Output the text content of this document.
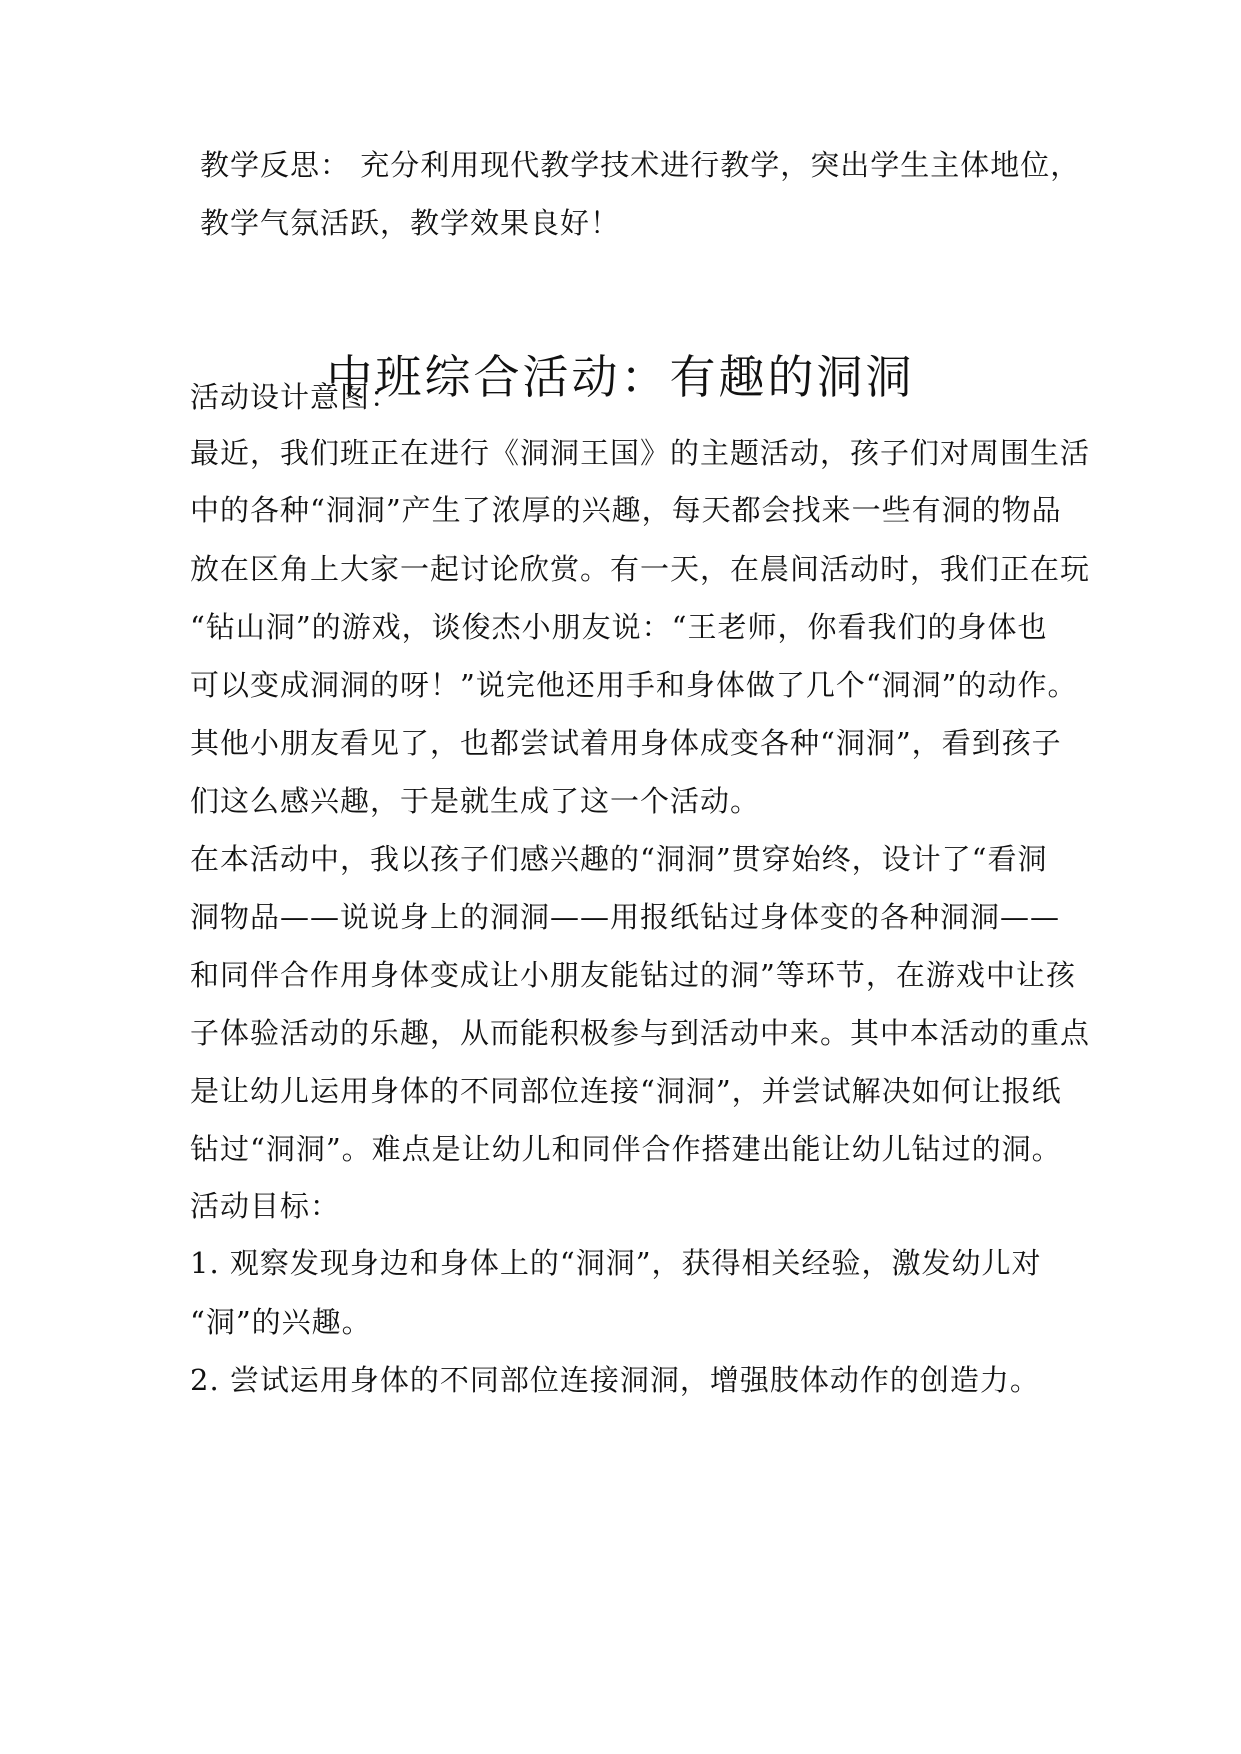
教学反思： 充分利用现代教学技术进行教学，突出学生主体地位，
教学气氛活跃，教学效果良好！
中班综合活动：有趣的洞洞
活动设计意图：
最近，我们班正在进行《洞洞王国》的主题活动，孩子们对周围生活
中的各种“洞洞”产生了浓厚的兴趣，每天都会找来一些有洞的物品
放在区角上大家一起讨论欣赏。有一天，在晨间活动时，我们正在玩
“钻山洞”的游戏，谈俊杰小朋友说：“王老师，你看我们的身体也
可以变成洞洞的呀！”说完他还用手和身体做了几个“洞洞”的动作。
其他小朋友看见了，也都尝试着用身体成变各种“洞洞”，看到孩子
们这么感兴趣，于是就生成了这一个活动。
在本活动中，我以孩子们感兴趣的“洞洞”贯穿始终，设计了“看洞
洞物品——说说身上的洞洞——用报纸钻过身体变的各种洞洞——
和同伴合作用身体变成让小朋友能钻过的洞”等环节，在游戏中让孩
子体验活动的乐趣，从而能积极参与到活动中来。其中本活动的重点
是让幼儿运用身体的不同部位连接“洞洞”，并尝试解决如何让报纸
钻过“洞洞”。难点是让幼儿和同伴合作搭建出能让幼儿钻过的洞。
活动目标：
1. 观察发现身边和身体上的“洞洞”，获得相关经验，激发幼儿对
“洞”的兴趣。
2. 尝试运用身体的不同部位连接洞洞，增强肢体动作的创造力。
